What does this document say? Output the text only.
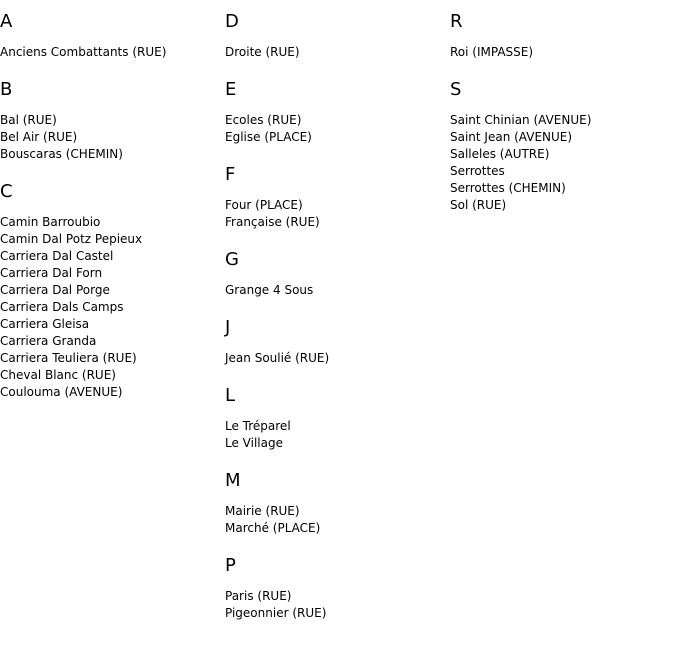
A
Anciens Combattants (RUE)
B
Bal (RUE)
Bel Air (RUE)
Bouscaras (CHEMIN)
C
Camin Barroubio
Camin Dal Potz Pepieux
Carriera Dal Castel
Carriera Dal Forn
Carriera Dal Porge
Carriera Dals Camps
Carriera Gleisa
Carriera Granda
Carriera Teuliera (RUE)
Cheval Blanc (RUE)
Coulouma (AVENUE)
D
Droite (RUE)
E
Ecoles (RUE)
Eglise (PLACE)
F
Four (PLACE)
Française (RUE)
G
Grange 4 Sous
J
Jean Soulié (RUE)
L
Le Tréparel
Le Village
M
Mairie (RUE)
Marché (PLACE)
P
Paris (RUE)
Pigeonnier (RUE)
R
Roi (IMPASSE)
S
Saint Chinian (AVENUE)
Saint Jean (AVENUE)
Salleles (AUTRE)
Serrottes
Serrottes (CHEMIN)
Sol (RUE)
